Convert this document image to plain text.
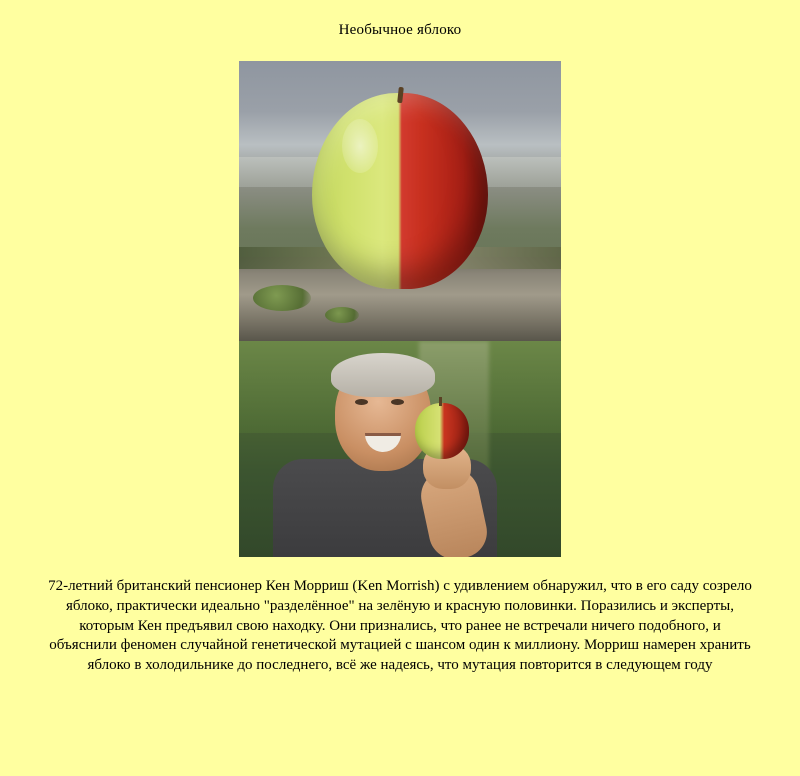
Необычное яблоко
72-летний британский пенсионер Кен Морриш (Ken Morrish) с удивлением обнаружил, что в его саду созрело яблоко, практически идеально "разделённое" на зелёную и красную половинки. Поразились и эксперты, которым Кен предъявил свою находку. Они признались, что ранее не встречали ничего подобного, и объяснили феномен случайной генетической мутацией с шансом один к миллиону. Морриш намерен хранить яблоко в холодильнике до последнего, всё же надеясь, что мутация повторится в следующем году
